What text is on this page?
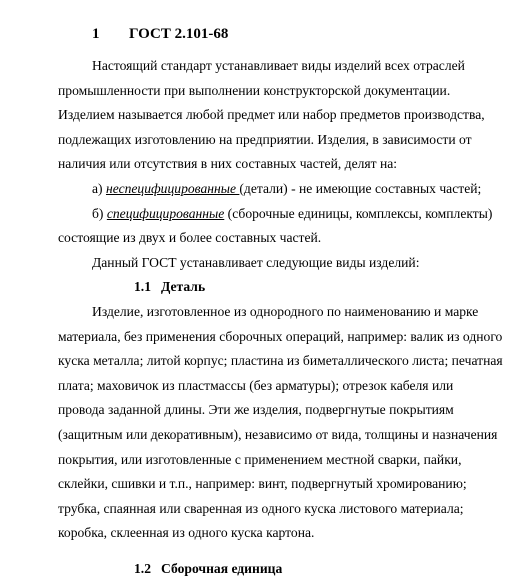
1 ГОСТ 2.101-68

Настоящий стандарт устанавливает виды изделий всех отраслей

промышленности при выполнении конструкторской документации.

Изделием называется любой предмет или набор предметов производства,

подлежащих изготовлению на предприятии. Изделия, в зависимости от

наличия или отсутствия в них составных частей, делят на:

а) неспецифицированные (детали) - не имеющие составных частей;

б) специфицированные (сборочные единицы, комплексы, комплекты)

состоящие из двух и более составных частей.

Данный ГОСТ устанавливает следующие виды изделий:

1.1 Деталь

Изделие, изготовленное из однородного по наименованию и марке

материала, без применения сборочных операций, например: валик из одного

куска металла; литой корпус; пластина из биметаллического листа; печатная

плата; маховичок из пластмассы (без арматуры); отрезок кабеля или

провода заданной длины. Эти же изделия, подвергнутые покрытиям

(защитным или декоративным), независимо от вида, толщины и назначения

покрытия, или изготовленные с применением местной сварки, пайки,

склейки, сшивки и т.п., например: винт, подвергнутый хромированию;

трубка, спаянная или сваренная из одного куска листового материала;

коробка, склеенная из одного куска картона.

1.2 Сборочная единица
